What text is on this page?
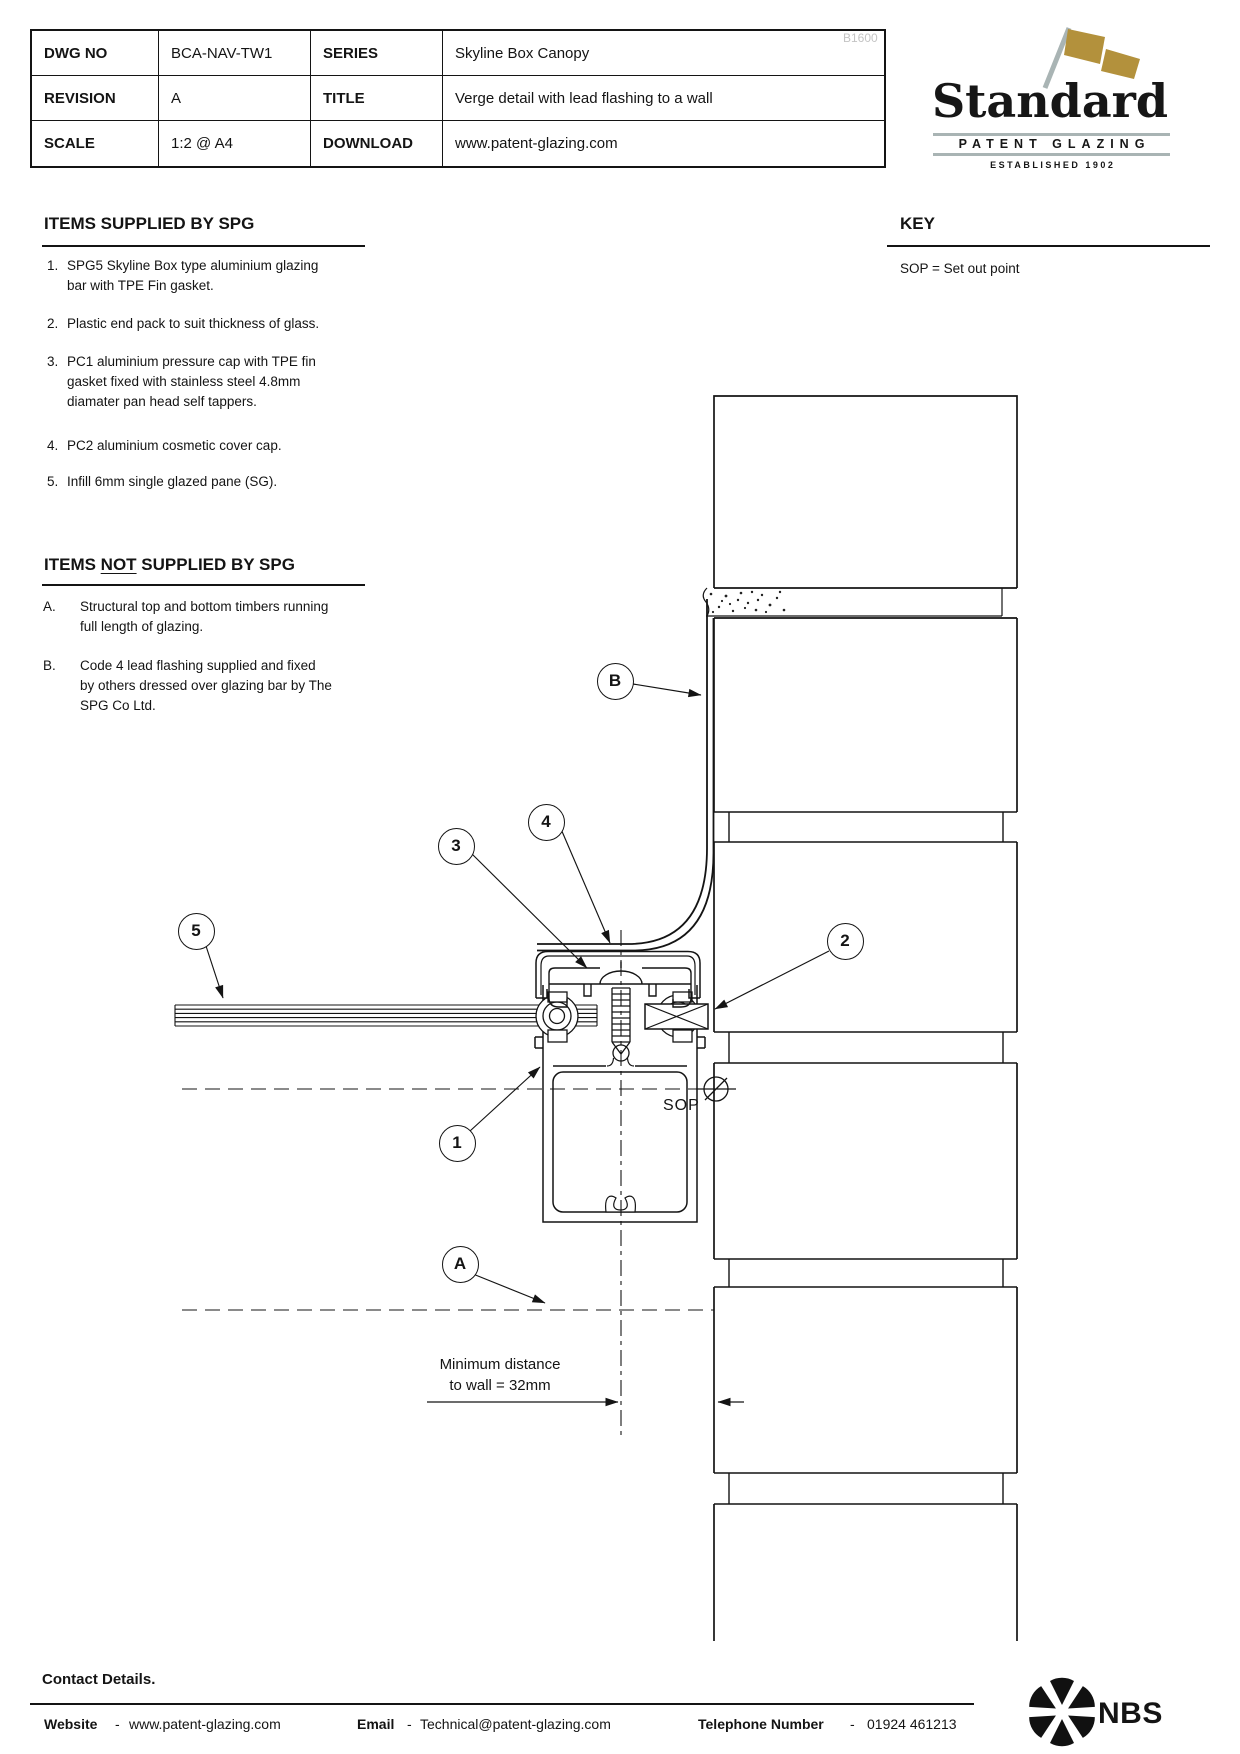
DWG NO	BCA-NAV-TW1	SERIES	Skyline Box Canopy
REVISION	A	TITLE	Verge detail with lead flashing to a wall
SCALE	1:2 @ A4	DOWNLOAD	www.patent-glazing.com
B1600
Standard
PATENT GLAZING
ESTABLISHED 1902
ITEMS SUPPLIED BY SPG
1. SPG5 Skyline Box type aluminium glazing bar with TPE Fin gasket.
2. Plastic end pack to suit thickness of glass.
3. PC1 aluminium pressure cap with TPE fin gasket fixed with stainless steel 4.8mm diamater pan head self tappers.
4. PC2 aluminium cosmetic cover cap.
5. Infill 6mm single glazed pane (SG).
ITEMS NOT SUPPLIED BY SPG
A.	Structural top and bottom timbers running full length of glazing.
B.	Code 4 lead flashing supplied and fixed by others dressed over glazing bar by The SPG Co Ltd.
KEY
SOP = Set out point
1
2
3
4
5
A
B
SOP
Minimum distance
to wall = 32mm
Contact Details.
Website - www.patent-glazing.com	Email - Technical@patent-glazing.com	Telephone Number - 01924 461213	NBS
